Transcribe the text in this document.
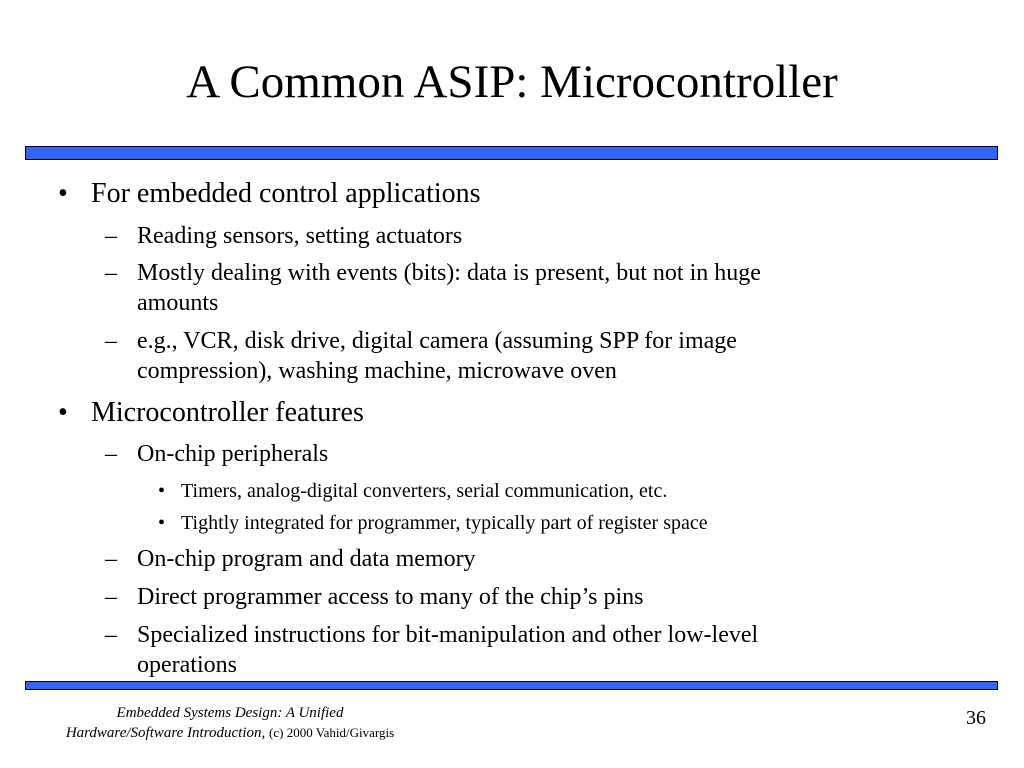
A Common ASIP: Microcontroller
• For embedded control applications
– Reading sensors, setting actuators
– Mostly dealing with events (bits): data is present, but not in huge
amounts
– e.g., VCR, disk drive, digital camera (assuming SPP for image
compression), washing machine, microwave oven
• Microcontroller features
– On-chip peripherals
• Timers, analog-digital converters, serial communication, etc.
• Tightly integrated for programmer, typically part of register space
– On-chip program and data memory
– Direct programmer access to many of the chip’s pins
– Specialized instructions for bit-manipulation and other low-level
operations
Embedded Systems Design: A Unified
Hardware/Software Introduction, (c) 2000 Vahid/Givargis
36
